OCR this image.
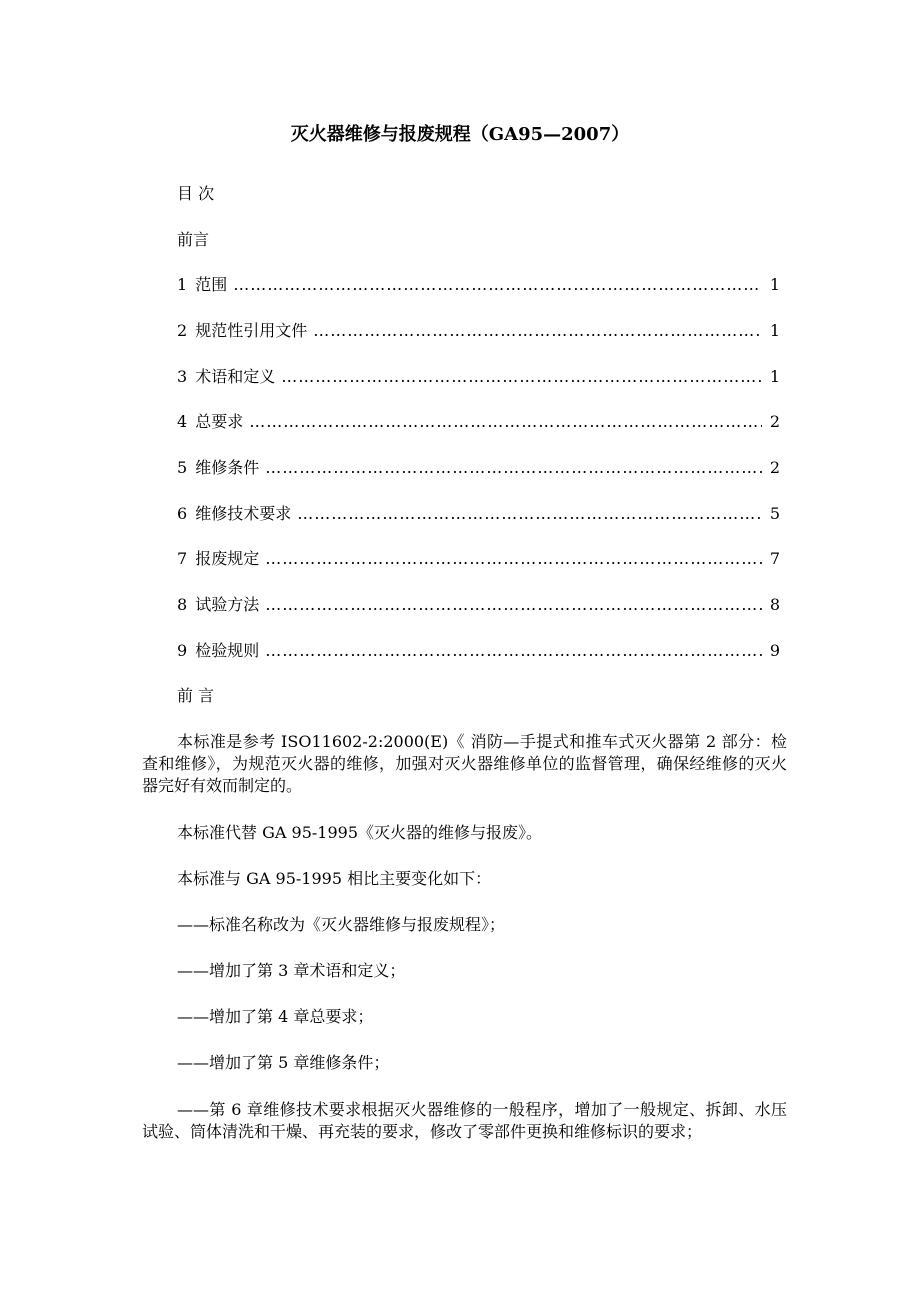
灭火器维修与报废规程（GA95—2007）
目 次
前言
1 范围 …………………………………………………………………………………………………………………………………………………………………………	1
2 规范性引用文件 …………………………………………………………………………………………………………………………………………………………………………	1
3 术语和定义 …………………………………………………………………………………………………………………………………………………………………………	1
4 总要求 …………………………………………………………………………………………………………………………………………………………………………	2
5 维修条件 …………………………………………………………………………………………………………………………………………………………………………	2
6 维修技术要求 …………………………………………………………………………………………………………………………………………………………………………	5
7 报废规定 …………………………………………………………………………………………………………………………………………………………………………	7
8 试验方法 …………………………………………………………………………………………………………………………………………………………………………	8
9 检验规则 …………………………………………………………………………………………………………………………………………………………………………	9
前 言
本标准是参考 ISO11602-2:2000(E)《 消防—手提式和推车式灭火器第 2 部分：检查和维修》，为规范灭火器的维修，加强对灭火器维修单位的监督管理，确保经维修的灭火器完好有效而制定的。
本标准代替 GA 95-1995《灭火器的维修与报废》。
本标准与 GA 95-1995 相比主要变化如下：
——标准名称改为《灭火器维修与报废规程》；
——增加了第 3 章术语和定义；
——增加了第 4 章总要求；
——增加了第 5 章维修条件；
——第 6 章维修技术要求根据灭火器维修的一般程序，增加了一般规定、拆卸、水压试验、筒体清洗和干燥、再充装的要求，修改了零部件更换和维修标识的要求；
